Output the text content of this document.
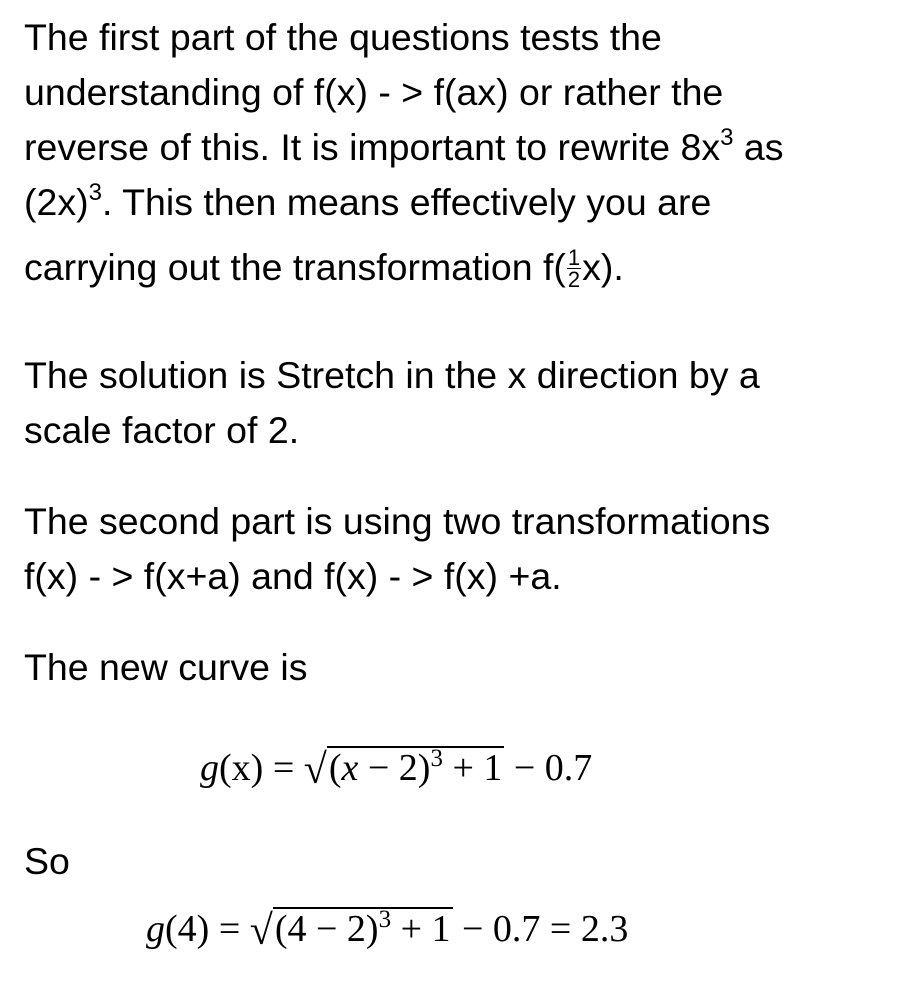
The first part of the questions tests the
understanding of f(x) - > f(ax) or rather the
reverse of this. It is important to rewrite $8x^3$ as
$(2x)^3$. This then means effectively you are
carrying out the transformation $f( \frac{1}{2} x)$.

The solution is Stretch in the x direction by a
scale factor of 2.

The second part is using two transformations
f(x) - > f(x+a) and f(x) - > f(x) +a.

The new curve is

$g(x) = √(x - 2)^3 + 1 - 0.7$

So

$g(4) = √(4 - 2)^3 + 1 - 0.7 = 2.3$
